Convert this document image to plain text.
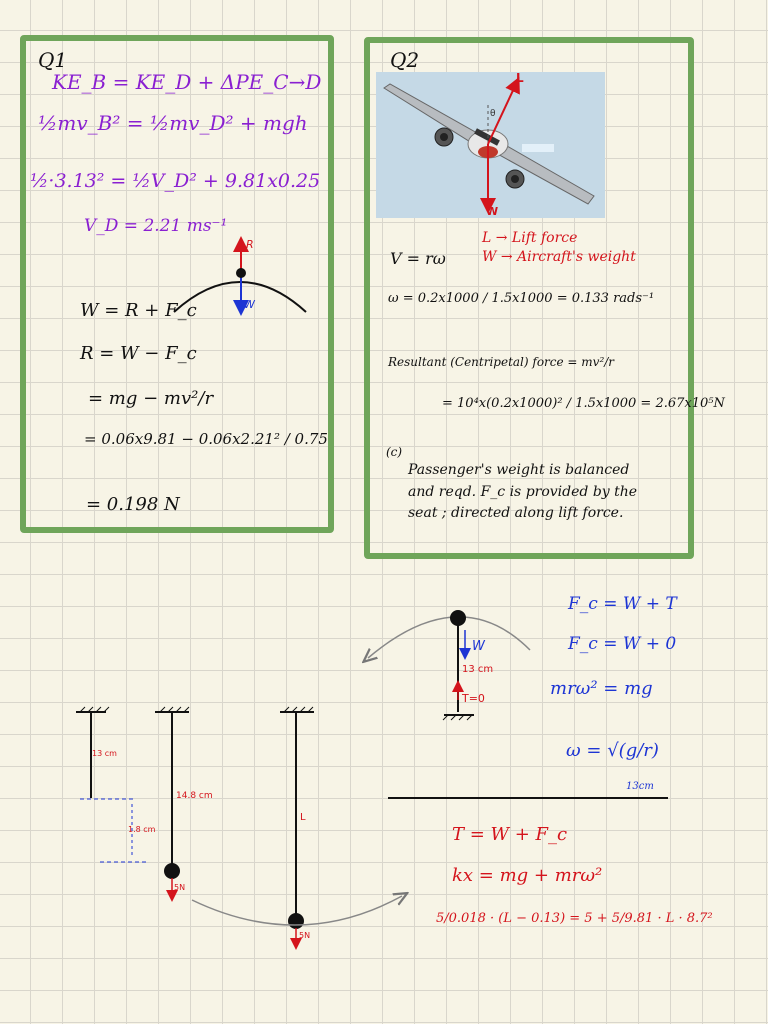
Q1
KE_B = KE_D + ΔPE_C→D
½mv_B² = ½mv_D² + mgh
½·3.13² = ½V_D² + 9.81x0.25
V_D = 2.21 ms⁻¹
R
W
W = R + F_c
R = W − F_c
= mg − mv²/r
= 0.06x9.81 − 0.06x2.21² / 0.75
= 0.198 N
Q2
L
W
θ
L → Lift force
W → Aircraft's weight
V = rω
ω = 0.2x1000 / 1.5x1000 = 0.133 rads⁻¹
Resultant (Centripetal) force = mv²/r
= 10⁴x(0.2x1000)² / 1.5x1000 = 2.67x10⁵N
(c)
Passenger's weight is balanced
and reqd. F_c is provided by the
seat ; directed along lift force.
W
13 cm
T=0
13 cm
1.8 cm
14.8 cm
5N
L
5N
F_c = W + T
F_c = W + 0
mrω² = mg
ω = √(g/r)
13cm
T = W + F_c
kx = mg + mrω²
5/0.018 · (L − 0.13) = 5 + 5/9.81 · L · 8.7²
